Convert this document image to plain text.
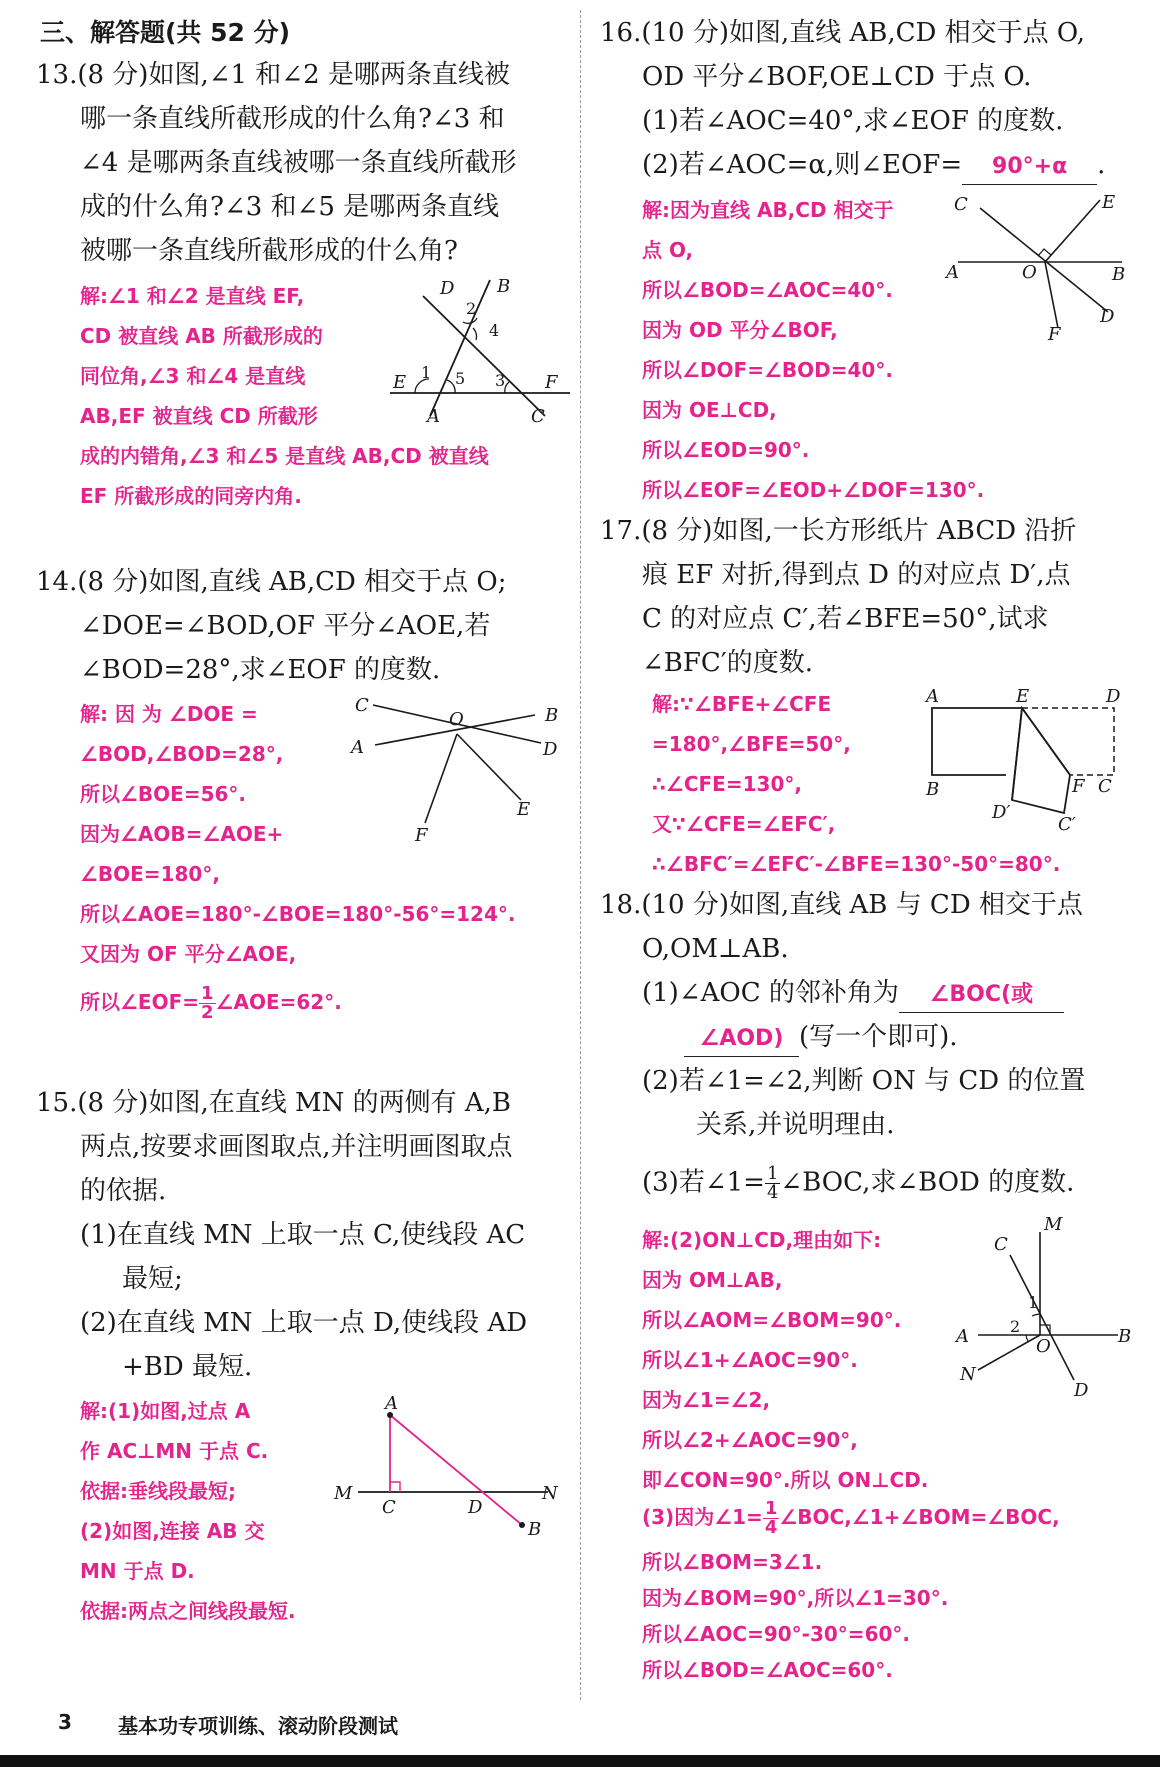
三、解答题(共 52 分)
13.(8 分)如图,∠1 和∠2 是哪两条直线被
哪一条直线所截形成的什么角?∠3 和
∠4 是哪两条直线被哪一条直线所截形
成的什么角?∠3 和∠5 是哪两条直线
被哪一条直线所截形成的什么角?
解:∠1 和∠2 是直线 EF,
CD 被直线 AB 所截形成的
同位角,∠3 和∠4 是直线
AB,EF 被直线 CD 所截形
成的内错角,∠3 和∠5 是直线 AB,CD 被直线
EF 所截形成的同旁内角.
D B
2
4
E 1 5 3 F
A	C
14.(8 分)如图,直线 AB,CD 相交于点 O;
∠DOE=∠BOD,OF 平分∠AOE,若
∠BOD=28°,求∠EOF 的度数.
解: 因 为 ∠DOE =
∠BOD,∠BOD=28°,
所以∠BOE=56°.
因为∠AOB=∠AOE+
∠BOE=180°,
所以∠AOE=180°-∠BOE=180°-56°=124°.
又因为 OF 平分∠AOE,
所以∠EOF= $\frac{1}{2}$ ∠AOE=62°.
C
O	B
A	D
E
F
15.(8 分)如图,在直线 MN 的两侧有 A,B
两点,按要求画图取点,并注明画图取点
的依据.
(1)在直线 MN 上取一点 C,使线段 AC
最短;
(2)在直线 MN 上取一点 D,使线段 AD
+BD 最短.
解:(1)如图,过点 A
作 AC⊥MN 于点 C.
依据:垂线段最短;
(2)如图,连接 AB 交
MN 于点 D.
依据:两点之间线段最短.
A
M
C	D
N
B
16.(10 分)如图,直线 AB,CD 相交于点 O,
OD 平分∠BOF,OE⊥CD 于点 O.
(1)若∠AOC=40°,求∠EOF 的度数.
(2)若∠AOC=α,则∠EOF= 90°+α .
解:因为直线 AB,CD 相交于
点 O,
所以∠BOD=∠AOC=40°.
因为 OD 平分∠BOF,
所以∠DOF=∠BOD=40°.
因为 OE⊥CD,
所以∠EOD=90°.
所以∠EOF=∠EOD+∠DOF=130°.
C	E
A	O	B
D
F
17.(8 分)如图,一长方形纸片 ABCD 沿折
痕 EF 对折,得到点 D 的对应点 D′,点
C 的对应点 C′,若∠BFE=50°,试求
∠BFC′的度数.
解:∵∠BFE+∠CFE
=180°,∠BFE=50°,
∴∠CFE=130°,
又∵∠CFE=∠EFC′,
∴∠BFC′=∠EFC′-∠BFE=130°-50°=80°.
A	E	D
B	F C
D′
C′
18.(10 分)如图,直线 AB 与 CD 相交于点
O,OM⊥AB.
(1)∠AOC 的邻补角为 ∠BOC(或
∠AOD) (写一个即可).
(2)若∠1=∠2,判断 ON 与 CD 的位置
关系,并说明理由.
(3)若∠1= $\frac{1}{4}$ ∠BOC,求∠BOD 的度数.
解:(2)ON⊥CD,理由如下:
因为 OM⊥AB,
所以∠AOM=∠BOM=90°.
所以∠1+∠AOC=90°.
因为∠1=∠2,
所以∠2+∠AOC=90°,
即∠CON=90°.所以 ON⊥CD.
(3)因为∠1= $\frac{1}{4}$ ∠BOC,∠1+∠BOM=∠BOC,
所以∠BOM=3∠1.
因为∠BOM=90°,所以∠1=30°.
所以∠AOC=90°-30°=60°.
所以∠BOD=∠AOC=60°.
M
C
1
A	2
O	B
N
D
3 基本功专项训练、滚动阶段测试
